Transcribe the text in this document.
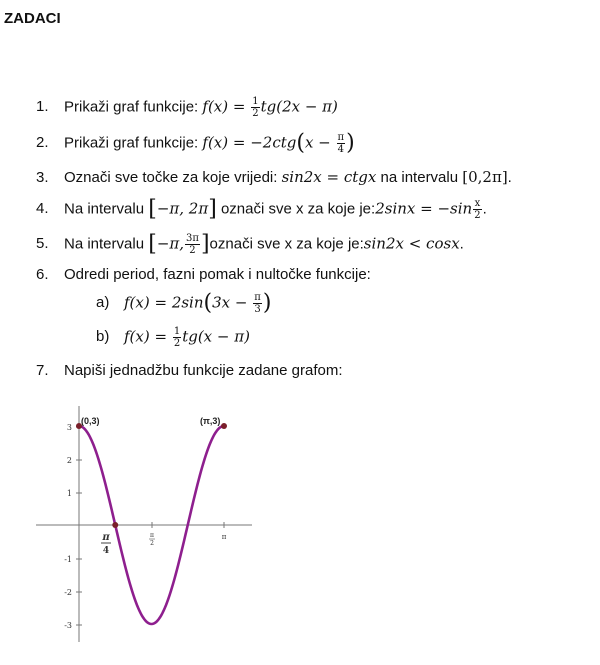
ZADACI
1. Prikaži graf funkcije: $f(x) = \frac{1}{2} tg(2x - \pi)$
2. Prikaži graf funkcije: $f(x) = -2ctg(x - \frac{\pi}{4}$ )
3. Označi sve točke za koje vrijedi: sin2x = ctgx na intervalu [0,2π].
4. Na intervalu [−π, 2π] označi sve x za koje je:2sinx = $-\sin \frac{x}{2}$ .
5. Na intervalu [−π, $\frac{3\pi}{2}$ ]označi sve x za koje je:sin2x < cosx.
6. Odredi period, fazni pomak i nultočke funkcije:
a) $f(x) = 2\sin(3x - \frac{\pi}{3}$ )
b) $f(x) = \frac{1}{2} tg(x - \pi)$
7. Napiši jednadžbu funkcije zadane grafom:
3
2
1
-1
-2
-3
π
4
π
2
π
(0,3)	(π,3)
